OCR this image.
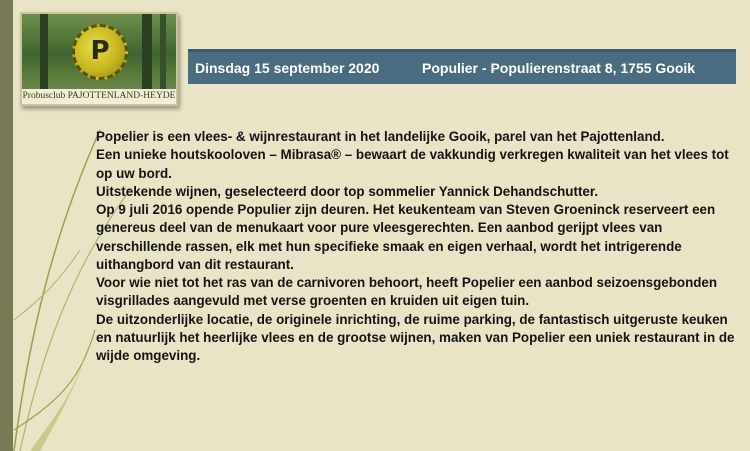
P
Probusclub PAJOTTENLAND-HEYDE
Dinsdag 15 september 2020	Populier - Populierenstraat 8, 1755 Gooik

Popelier is een vlees- & wijnrestaurant in het landelijke Gooik, parel van het Pajottenland.

Een unieke houtskooloven – Mibrasa® – bewaart de vakkundig verkregen kwaliteit van het vlees tot op uw bord.

Uitstekende wijnen, geselecteerd door top sommelier Yannick Dehandschutter.

Op 9 juli 2016 opende Populier zijn deuren. Het keukenteam van Steven Groeninck reserveert een genereus deel van de menukaart voor pure vleesgerechten. Een aanbod gerijpt vlees van verschillende rassen, elk met hun specifieke smaak en eigen verhaal, wordt het intrigerende uithangbord van dit restaurant.

Voor wie niet tot het ras van de carnivoren behoort, heeft Popelier een aanbod seizoensgebonden visgrillades aangevuld met verse groenten en kruiden uit eigen tuin.

De uitzonderlijke locatie, de originele inrichting, de ruime parking, de fantastisch uitgeruste keuken en natuurlijk het heerlijke vlees en de grootse wijnen, maken van Popelier een uniek restaurant in de wijde omgeving.
